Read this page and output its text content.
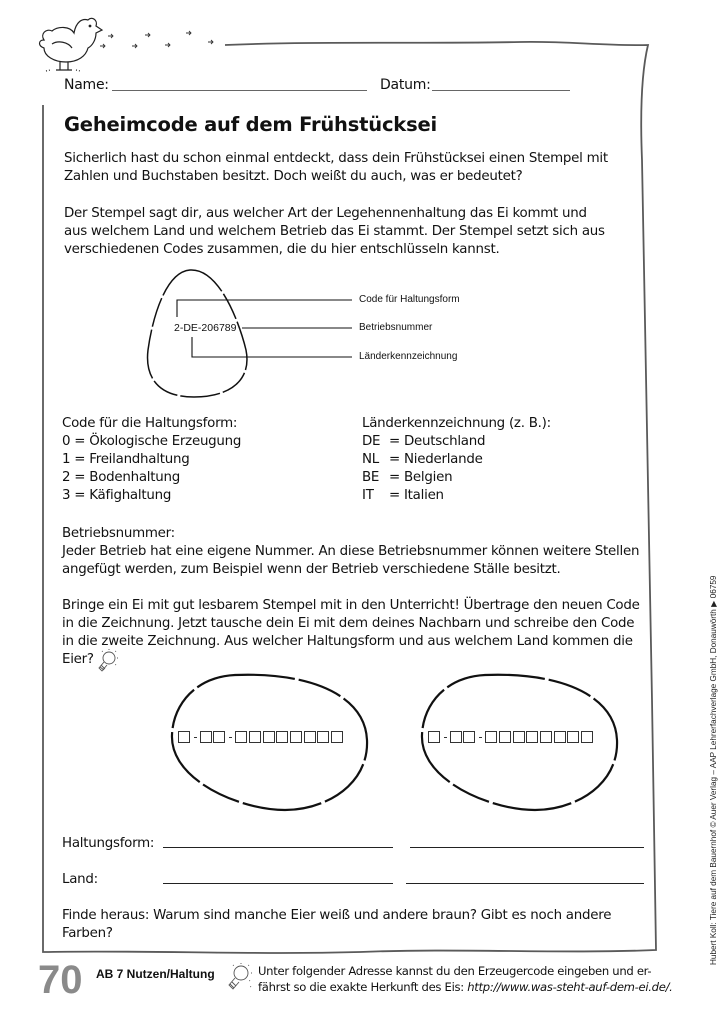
Name:	Datum:
Geheimcode auf dem Frühstücksei
Sicherlich hast du schon einmal entdeckt, dass dein Frühstücksei einen Stempel mit
Zahlen und Buchstaben besitzt. Doch weißt du auch, was er bedeutet?
Der Stempel sagt dir, aus welcher Art der Legehennenhaltung das Ei kommt und
aus welchem Land und welchem Betrieb das Ei stammt. Der Stempel setzt sich aus
verschiedenen Codes zusammen, die du hier entschlüsseln kannst.
2-DE-206789
Code für Haltungsform
Betriebsnummer
Länderkennzeichnung
Code für die Haltungsform:
0 = Ökologische Erzeugung
1 = Freilandhaltung
2 = Bodenhaltung
3 = Käfighaltung
Länderkennzeichnung (z. B.):
DE = Deutschland
NL = Niederlande
BE = Belgien
IT = Italien
Betriebsnummer:
Jeder Betrieb hat eine eigene Nummer. An diese Betriebsnummer können weitere Stellen
angefügt werden, zum Beispiel wenn der Betrieb verschiedene Ställe besitzt.
Bringe ein Ei mit gut lesbarem Stempel mit in den Unterricht! Übertrage den neuen Code
in die Zeichnung. Jetzt tausche dein Ei mit dem deines Nachbarn und schreibe den Code
in die zweite Zeichnung. Aus welcher Haltungsform und aus welchem Land kommen die
Eier?
Haltungsform:
Land:
Finde heraus: Warum sind manche Eier weiß und andere braun? Gibt es noch andere
Farben?
70 AB 7 Nutzen/Haltung	Unter folgender Adresse kannst du den Erzeugercode eingeben und er-
fährst so die exakte Herkunft des Eis: http://www.was-steht-auf-dem-ei.de/.
Hubert Koll: Tiere auf dem Bauernhof © Auer Verlag – AAP Lehrerfachverlage GmbH, Donauwörth ▶ 06759
